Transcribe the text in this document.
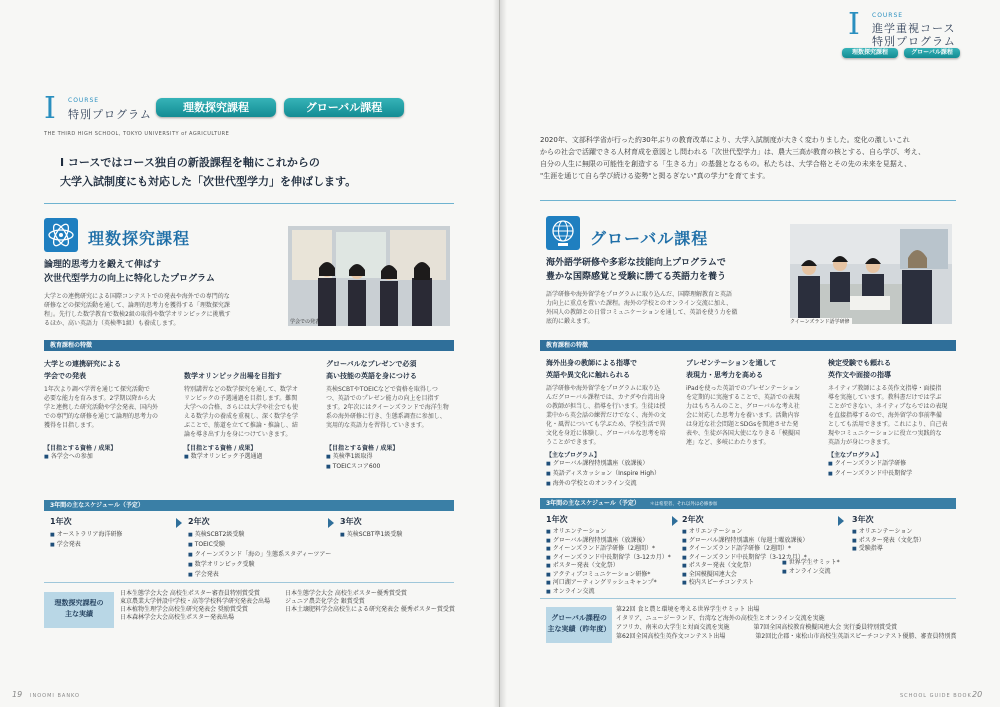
I COURSE
特別プログラム
理数探究課程	グローバル課程
THE THIRD HIGH SCHOOL, TOKYO UNIVERSITY of AGRICULTURE
I コースではコース独自の新設課程を軸にこれからの
大学入試制度にも対応した「次世代型学力」を伸ばします。
理数探究課程
論理的思考力を鍛えて伸ばす
次世代型学力の向上に特化したプログラム
大学との連携研究による国際コンテストでの発表や海外での専門的な
研修などの探究活動を通して、論理的思考力を獲得する「理数探究課
程」。先行した数学教育で数検2級の取得や数学オリンピックに挑戦す
るほか、高い英語力（英検準1級）も養成します。	学会での発表
教育課程の特徴
大学との連携研究による
学会での発表
1年次より調べ学習を通じて探究活動で
必要な能力を育みます。2学期以降から大
学と連携した研究活動や学会発表、国内外
での専門的な研修を通じて論理的思考力の
獲得を目指します。
【目指とする資格 / 成果】
■ 各学会への参加
数学オリンピック出場を目指す
特別講習などの数学探究を通して、数学オ
リンピックの予選通過を目指します。難関
大学への合格、さらには大学や社会でも使
える数学力の養成を重視し、深く数学を学
ぶことで、筋道を立てて推論・推論し、結
論を導き出す力を身につけていきます。
【目指とする資格 / 成果】
■ 数学オリンピック予選通過
グローバルなプレゼンで必須
高い技能の英語を身につける
英検SCBTやTOEICなどで資格を取得しつ
つ、英語でのプレゼン能力の向上を目指す
ます。2年次にはクイーンズランドで海洋生物
系の海外研修に行き、生態系調査に参加し、
実用的な英語力を習得していきます。
【目指とする資格 / 成果】
■ 英検準1級取得
■ TOEICスコア600
3年間の主なスケジュール（予定）
1年次
■ オーストラリア海洋研修
■ 学会発表
2年次
■ 英検SCBT2級受験
■ TOEIC受験
■ クイーンズランド「海の」生態系スタディーツアー
■ 数学オリンピック受験
■ 学会発表
3年次
■ 英検SCBT準1級受験
理数探究課程の
主な実績
日本生態学会大会 高校生ポスター審査員特別賞受賞
東京農業大学併設中学校・高等学校科学研究発表会出場
日本植物生理学会高校生研究発表会 奨励賞受賞
日本森林学会大会高校生ポスター発表出場
日本生態学会大会 高校生ポスター優秀賞受賞
ジュニア農芸化学会 銀賞受賞
日本土壌肥料学会高校生による研究発表会 優秀ポスター賞受賞
19 INOOMI BANKO
I COURSE
進学重視コース
特別プログラム
理数探究課程	グローバル課程
2020年、文部科学省が行った約30年ぶりの教育改革により、大学入試制度が大きく変わりました。変化の激しいこれ
からの社会で活躍できる人材育成を意図とし問われる「次世代型学力」は、農大三高が教育の核とする、自ら学び、考え、
自分の人生に無限の可能性を創造する「生きる力」の基盤となるもの。私たちは、大学合格とその先の未来を見据え、
"生涯を通じて自ら学び続ける姿勢"と掲るぎない"真の学力"を育てます。
グローバル課程
海外語学研修や多彩な技能向上プログラムで
豊かな国際感覚と受験に勝てる英語力を養う
語学研修や海外留学をプログラムに取り込んだ、国際理解教育と英語
力向上に重点を置いた課程。海外の学校とのオンライン交流に加え、
外国人の教師との日常コミュニケーションを通して、英語を使う力を徹
底的に鍛えます。	クイーンズランド語学研修
教育課程の特徴
海外出身の教師による指導で
英語や異文化に触れられる
語学研修や海外留学をプログラムに取り込
んだグローバル課程では、カナダや台湾出身
の教師が担当し、指導を行います。生徒は授
業中から英会話の練習だけでなく、海外の文
化・風習についても学ぶため、学校生活で異
文化を身近に体験し、グローバルな思考を培
うことができます。
【主なプログラム】
■ グローバル課程特別講座（放課後）
■ 英語ディスカッション（Inspire High）
■ 海外の学校とのオンライン交流
プレゼンテーションを通して
表現力・思考力を高める
iPadを使った英語でのプレゼンテーション
を定期的に実施することで、英語での表現
力はもちろんのこと、グローバルな考え社
会に対応した思考力を養います。活動内容
は身近な社会問題とSDGsを関連させた発
表や、生徒が各国大使になりきる「模擬国
連」など、多岐にわたります。
検定受験でも頼れる
英作文や面接の指導
ネイティブ教師による英作文指導・面接指
導を実施しています。教科書だけでは学ぶ
ことができない、ネイティブならではの表現
を直接指導するので、海外留学の事前準備
としても活用できます。これにより、自己表
現やコミュニケーションに役立つ実践的な
英語力が身につきます。
【主なプログラム】
■ クイーンズランド語学研修
■ クイーンズランド中長期留学
3年間の主なスケジュール（予定） ＊は希望者、それ以外は必修参加
1年次
■ オリエンテーション
■ グローバル課程特別講座（放課後）
■ クイーンズランド語学研修（2週間）*
■ クイーンズランド中長期留学（3-12カ月）*
■ ポスター発表（文化祭）
■ アクティブコミュニケーション研修*
■ 河口湖アーティングリッシュキャンプ*
■ オンライン交流
2年次
■ オリエンテーション
■ グローバル課程特別講座（毎週土曜放課後）
■ クイーンズランド語学研修（2週間）*
■ クイーンズランド中長期留学（3-12カ月）*
■ ポスター発表（文化祭）
■ 全国模擬国連大会
■ 校内スピーチコンテスト
■ 世界学生サミット*
■ オンライン交流
3年次
■ オリエンテーション
■ ポスター発表（文化祭）
■ 受験指導
グローバル課程の
主な実績（昨年度）
第22回 食と農と環境を考える世界学生サミット 出場
イタリア、ニュージーランド、台湾など海外の高校生とオンライン交流を実施
アフリカ、南米の大学生と対面交流を実施　　　　第7回全国高校教育模擬国連大会 実行委員特別賞受賞
第62回全国高校生英作文コンテスト出場　　　　　第2回比企郡・東松山市高校生英語スピーチコンテスト優勝、審査員特別賞
SCHOOL GUIDE BOOK 20
